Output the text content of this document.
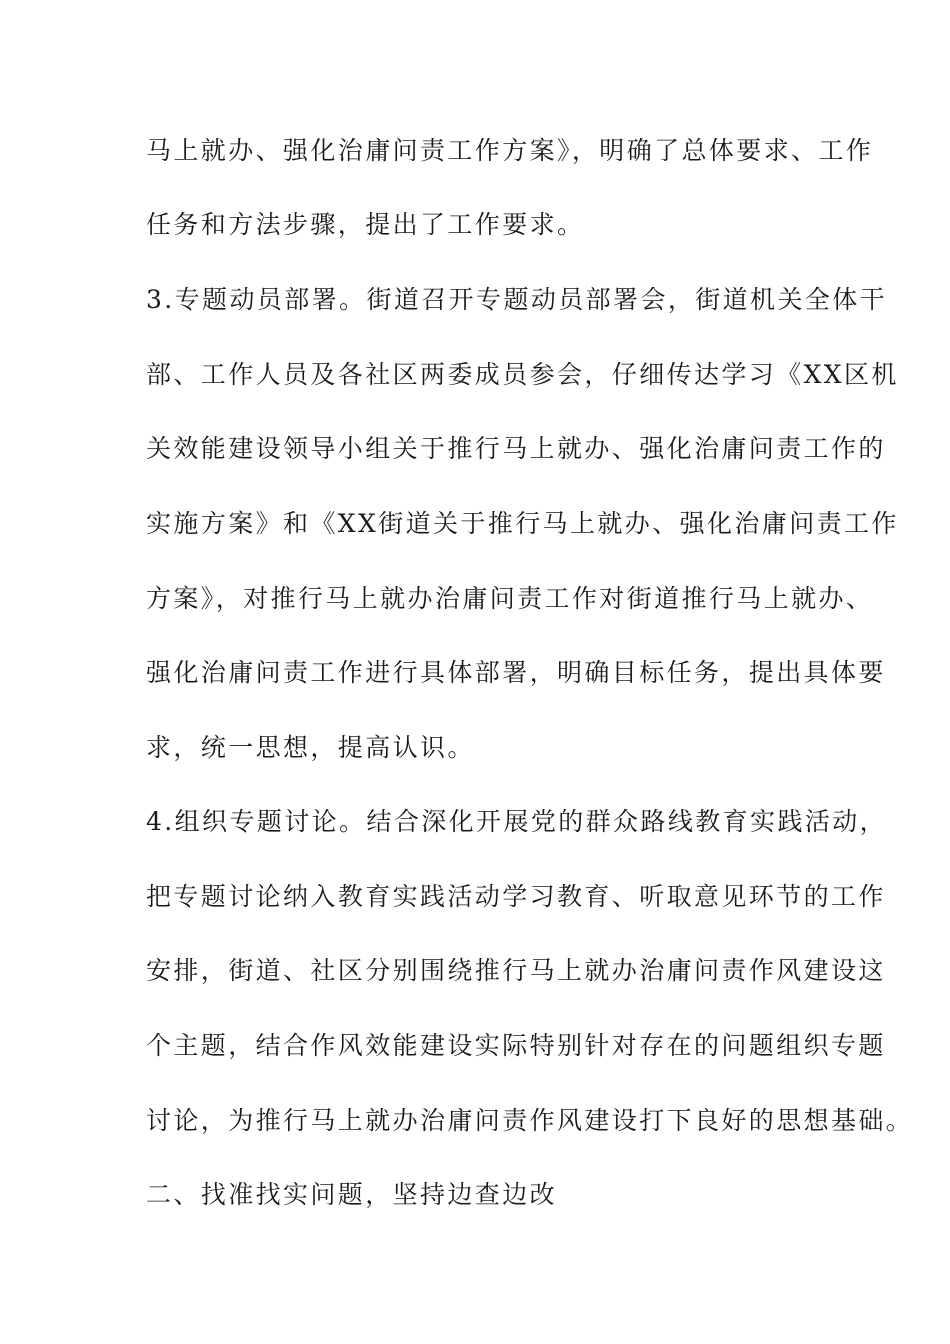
马上就办、强化治庸问责工作方案》，明确了总体要求、工作
任务和方法步骤，提出了工作要求。
3.专题动员部署。街道召开专题动员部署会，街道机关全体干
部、工作人员及各社区两委成员参会，仔细传达学习《XX区机
关效能建设领导小组关于推行马上就办、强化治庸问责工作的
实施方案》和《XX街道关于推行马上就办、强化治庸问责工作
方案》，对推行马上就办治庸问责工作对街道推行马上就办、
强化治庸问责工作进行具体部署，明确目标任务，提出具体要
求，统一思想，提高认识。
4.组织专题讨论。结合深化开展党的群众路线教育实践活动，
把专题讨论纳入教育实践活动学习教育、听取意见环节的工作
安排，街道、社区分别围绕推行马上就办治庸问责作风建设这
个主题，结合作风效能建设实际特别针对存在的问题组织专题
讨论，为推行马上就办治庸问责作风建设打下良好的思想基础。
二、找准找实问题，坚持边查边改
